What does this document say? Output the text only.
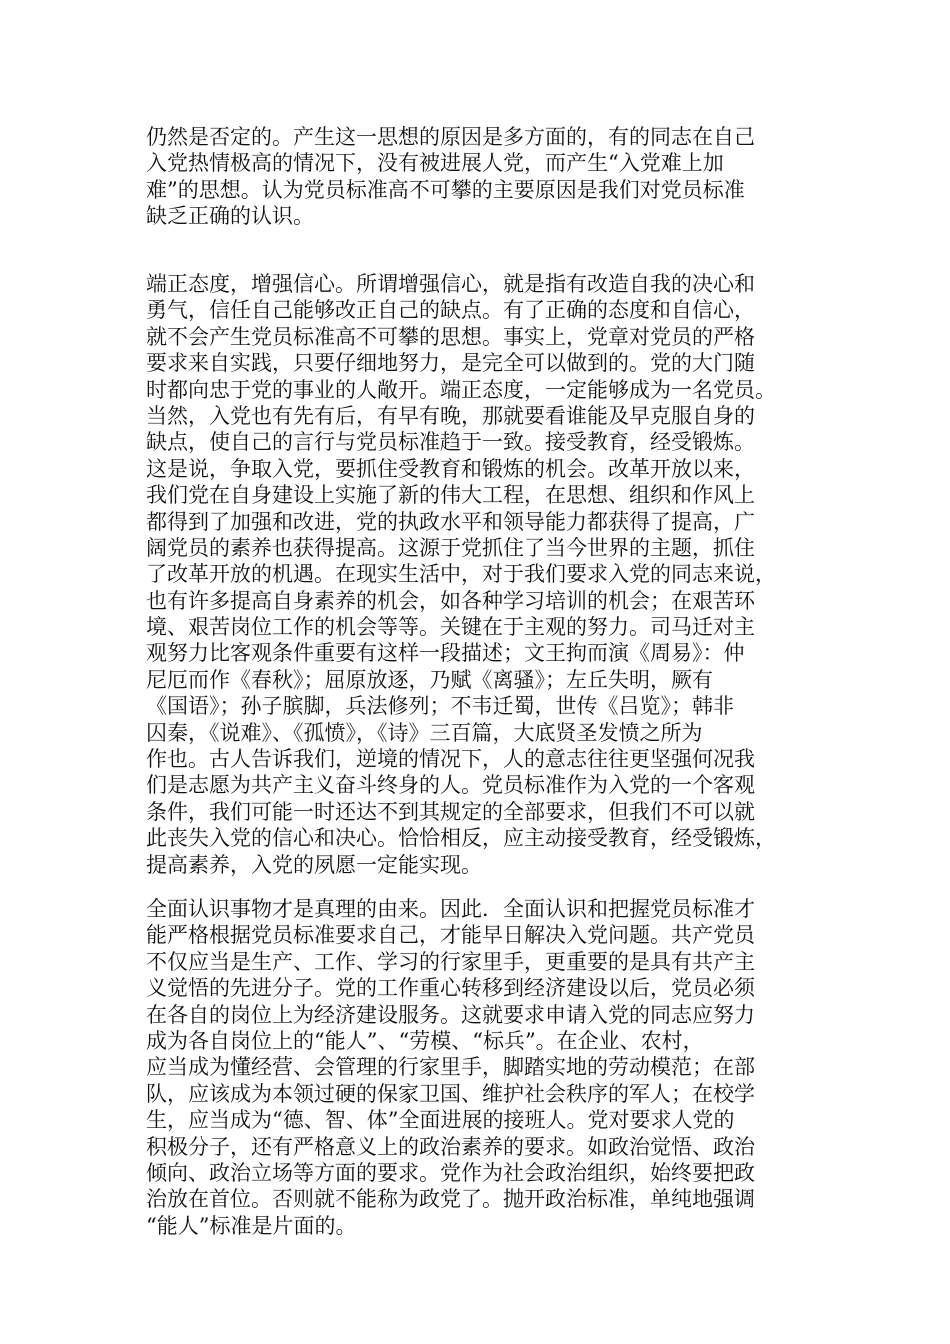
仍然是否定的。产生这一思想的原因是多方面的，有的同志在自己
入党热情极高的情况下，没有被进展人党，而产生“入党难上加
难”的思想。认为党员标准高不可攀的主要原因是我们对党员标准
缺乏正确的认识。

端正态度，增强信心。所谓增强信心，就是指有改造自我的决心和
勇气，信任自己能够改正自己的缺点。有了正确的态度和自信心，
就不会产生党员标准高不可攀的思想。事实上，党章对党员的严格
要求来自实践，只要仔细地努力，是完全可以做到的。党的大门随
时都向忠于党的事业的人敞开。端正态度，一定能够成为一名党员。
当然，入党也有先有后，有早有晚，那就要看谁能及早克服自身的
缺点，使自己的言行与党员标准趋于一致。接受教育，经受锻炼。
这是说，争取入党，要抓住受教育和锻炼的机会。改革开放以来，
我们党在自身建设上实施了新的伟大工程，在思想、组织和作风上
都得到了加强和改进，党的执政水平和领导能力都获得了提高，广
阔党员的素养也获得提高。这源于党抓住了当今世界的主题，抓住
了改革开放的机遇。在现实生活中，对于我们要求入党的同志来说，
也有许多提高自身素养的机会，如各种学习培训的机会；在艰苦环
境、艰苦岗位工作的机会等等。关键在于主观的努力。司马迁对主
观努力比客观条件重要有这样一段描述；文王拘而演《周易》：仲
尼厄而作《春秋》；屈原放逐，乃赋《离骚》；左丘失明，厥有
《国语》；孙子膑脚，兵法修列；不韦迁蜀，世传《吕览》；韩非
囚秦，《说难》、《孤愤》，《诗》三百篇，大底贤圣发愤之所为
作也。古人告诉我们，逆境的情况下，人的意志往往更坚强何况我
们是志愿为共产主义奋斗终身的人。党员标准作为入党的一个客观
条件，我们可能一时还达不到其规定的全部要求，但我们不可以就
此丧失入党的信心和决心。恰恰相反，应主动接受教育，经受锻炼，
提高素养，入党的夙愿一定能实现。

全面认识事物才是真理的由来。因此．全面认识和把握党员标准才
能严格根据党员标准要求自己，才能早日解决入党问题。共产党员
不仅应当是生产、工作、学习的行家里手，更重要的是具有共产主
义觉悟的先进分子。党的工作重心转移到经济建设以后，党员必须
在各自的岗位上为经济建设服务。这就要求申请入党的同志应努力
成为各自岗位上的“能人”、“劳模、“标兵”。在企业、农村，
应当成为懂经营、会管理的行家里手，脚踏实地的劳动模范；在部
队，应该成为本领过硬的保家卫国、维护社会秩序的军人；在校学
生，应当成为“德、智、体”全面进展的接班人。党对要求人党的
积极分子，还有严格意义上的政治素养的要求。如政治觉悟、政治
倾向、政治立场等方面的要求。党作为社会政治组织，始终要把政
治放在首位。否则就不能称为政党了。抛开政治标准，单纯地强调
“能人”标准是片面的。
